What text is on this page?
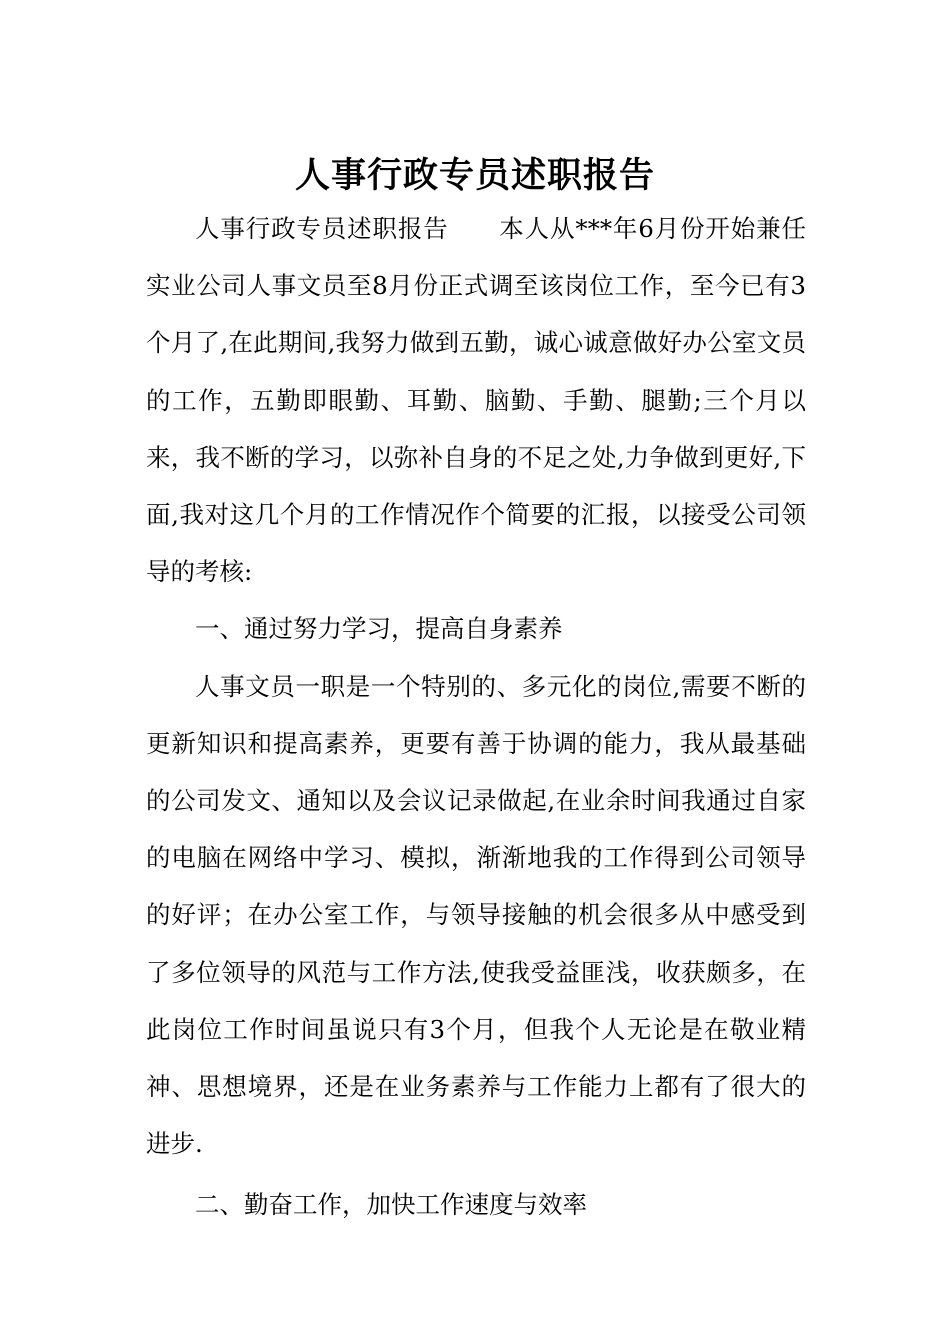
人事行政专员述职报告

人事行政专员述职报告　　本人从***年6月份开始兼任实业公司人事文员至8月份正式调至该岗位工作，至今已有3个月了,在此期间,我努力做到五勤，诚心诚意做好办公室文员的工作，五勤即眼勤、耳勤、脑勤、手勤、腿勤;三个月以来，我不断的学习，以弥补自身的不足之处,力争做到更好,下面,我对这几个月的工作情况作个简要的汇报，以接受公司领导的考核:

一、通过努力学习，提高自身素养

人事文员一职是一个特别的、多元化的岗位,需要不断的更新知识和提高素养，更要有善于协调的能力，我从最基础的公司发文、通知以及会议记录做起,在业余时间我通过自家的电脑在网络中学习、模拟，渐渐地我的工作得到公司领导的好评；在办公室工作，与领导接触的机会很多从中感受到了多位领导的风范与工作方法,使我受益匪浅，收获颇多，在此岗位工作时间虽说只有3个月，但我个人无论是在敬业精神、思想境界，还是在业务素养与工作能力上都有了很大的进步.

二、勤奋工作，加快工作速度与效率
